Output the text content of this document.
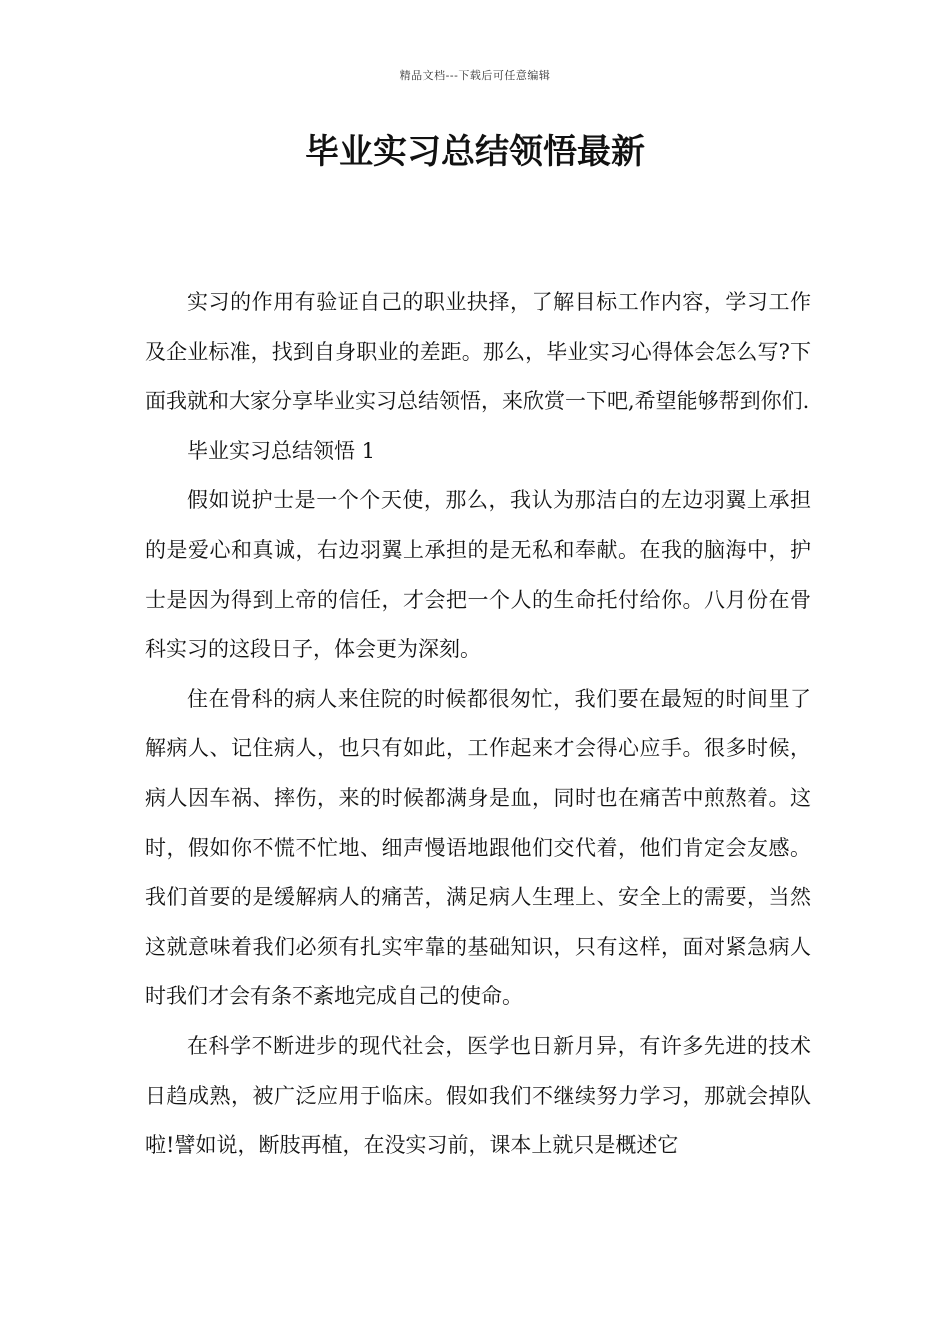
精品文档---下载后可任意编辑
毕业实习总结领悟最新

实习的作用有验证自己的职业抉择，了解目标工作内容，学习工作及企业标准，找到自身职业的差距。那么，毕业实习心得体会怎么写?下面我就和大家分享毕业实习总结领悟，来欣赏一下吧,希望能够帮到你们.

毕业实习总结领悟 1

假如说护士是一个个天使，那么，我认为那洁白的左边羽翼上承担的是爱心和真诚，右边羽翼上承担的是无私和奉献。在我的脑海中，护士是因为得到上帝的信任，才会把一个人的生命托付给你。八月份在骨科实习的这段日子，体会更为深刻。

住在骨科的病人来住院的时候都很匆忙，我们要在最短的时间里了解病人、记住病人，也只有如此，工作起来才会得心应手。很多时候，病人因车祸、摔伤，来的时候都满身是血，同时也在痛苦中煎熬着。这时，假如你不慌不忙地、细声慢语地跟他们交代着，他们肯定会友感。我们首要的是缓解病人的痛苦，满足病人生理上、安全上的需要，当然这就意味着我们必须有扎实牢靠的基础知识，只有这样，面对紧急病人时我们才会有条不紊地完成自己的使命。

在科学不断进步的现代社会，医学也日新月异，有许多先进的技术日趋成熟，被广泛应用于临床。假如我们不继续努力学习，那就会掉队啦!譬如说，断肢再植，在没实习前，课本上就只是概述它
